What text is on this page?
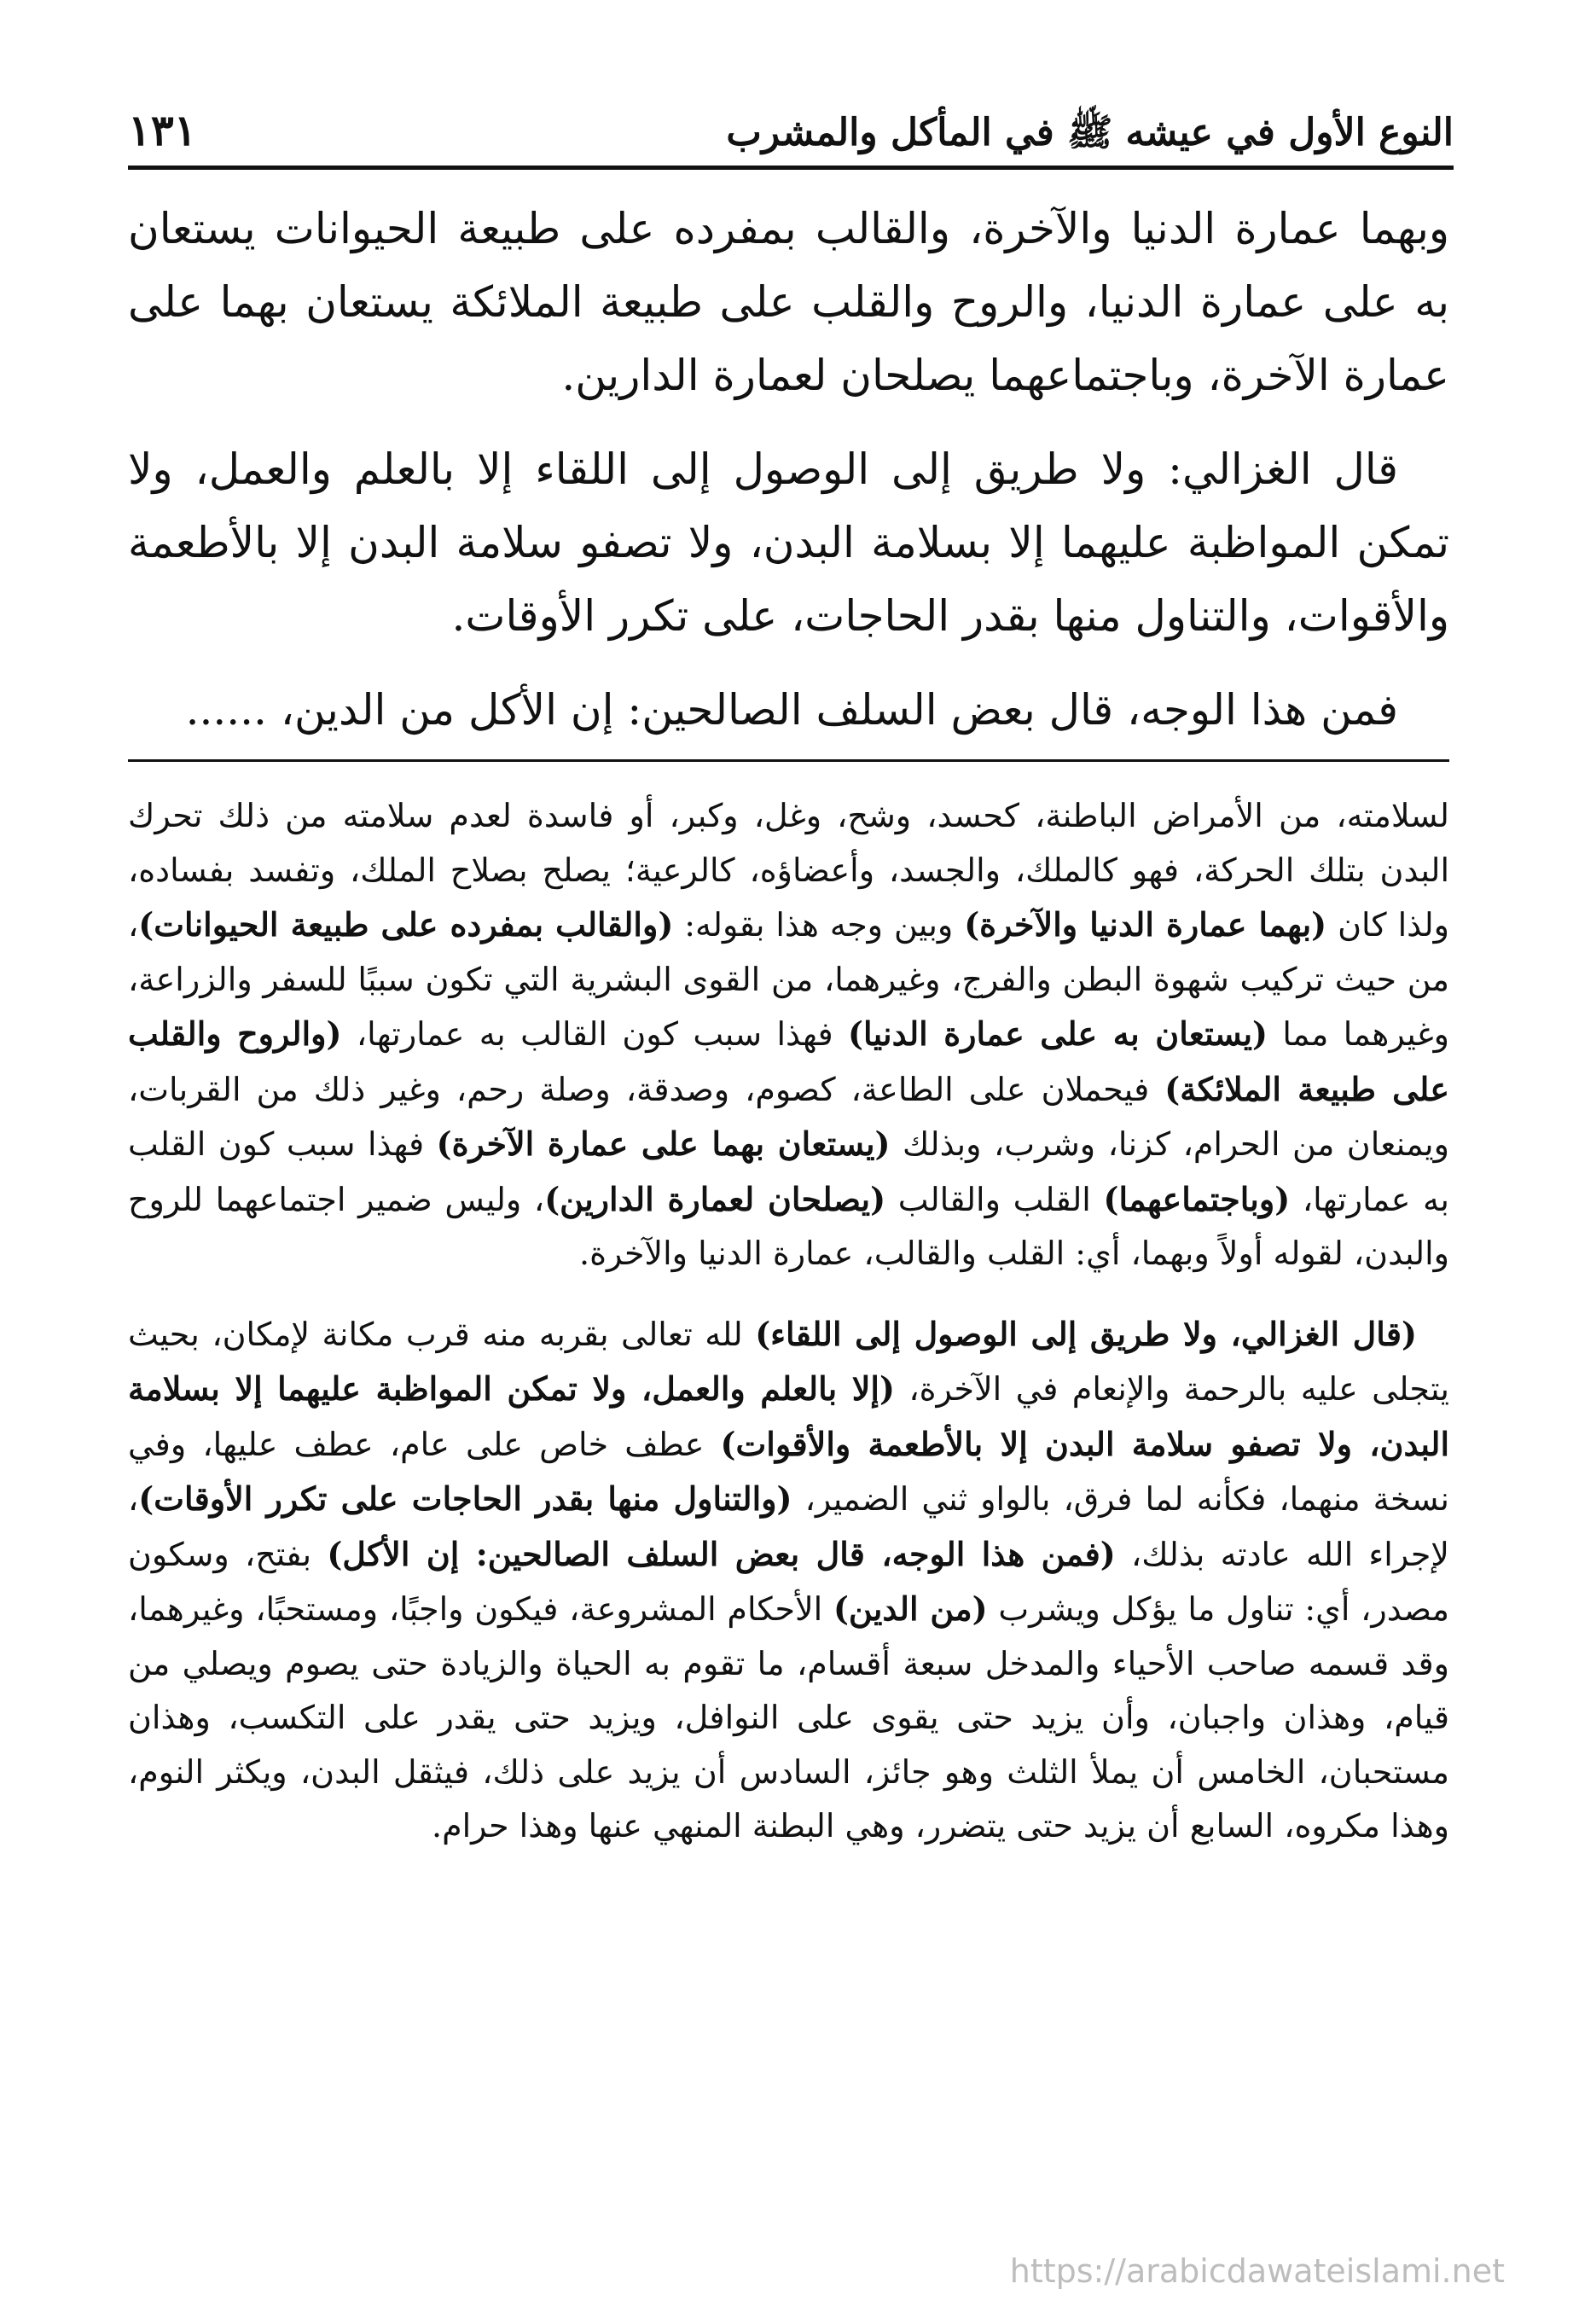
النوع الأول في عيشه ﷺ في المأكل والمشرب
١٣١

وبهما عمارة الدنيا والآخرة، والقالب بمفرده على طبيعة الحيوانات يستعان به على عمارة الدنيا، والروح والقلب على طبيعة الملائكة يستعان بهما على عمارة الآخرة، وباجتماعهما يصلحان لعمارة الدارين.

قال الغزالي: ولا طريق إلى الوصول إلى اللقاء إلا بالعلم والعمل، ولا تمكن المواظبة عليهما إلا بسلامة البدن، ولا تصفو سلامة البدن إلا بالأطعمة والأقوات، والتناول منها بقدر الحاجات، على تكرر الأوقات.

فمن هذا الوجه، قال بعض السلف الصالحين: إن الأكل من الدين، ......

لسلامته، من الأمراض الباطنة، كحسد، وشح، وغل، وكبر، أو فاسدة لعدم سلامته من ذلك تحرك البدن بتلك الحركة، فهو كالملك، والجسد، وأعضاؤه، كالرعية؛ يصلح بصلاح الملك، وتفسد بفساده، ولذا كان (بهما عمارة الدنيا والآخرة) وبين وجه هذا بقوله: (والقالب بمفرده على طبيعة الحيوانات)، من حيث تركيب شهوة البطن والفرج، وغيرهما، من القوى البشرية التي تكون سببًا للسفر والزراعة، وغيرهما مما (يستعان به على عمارة الدنيا) فهذا سبب كون القالب به عمارتها، (والروح والقلب على طبيعة الملائكة) فيحملان على الطاعة، كصوم، وصدقة، وصلة رحم، وغير ذلك من القربات، ويمنعان من الحرام، كزنا، وشرب، وبذلك (يستعان بهما على عمارة الآخرة) فهذا سبب كون القلب به عمارتها، (وباجتماعهما) القلب والقالب (يصلحان لعمارة الدارين)، وليس ضمير اجتماعهما للروح والبدن، لقوله أولاً وبهما، أي: القلب والقالب، عمارة الدنيا والآخرة.

(قال الغزالي، ولا طريق إلى الوصول إلى اللقاء) لله تعالى بقربه منه قرب مكانة لإمكان، بحيث يتجلى عليه بالرحمة والإنعام في الآخرة، (إلا بالعلم والعمل، ولا تمكن المواظبة عليهما إلا بسلامة البدن، ولا تصفو سلامة البدن إلا بالأطعمة والأقوات) عطف خاص على عام، عطف عليها، وفي نسخة منهما، فكأنه لما فرق، بالواو ثني الضمير، (والتناول منها بقدر الحاجات على تكرر الأوقات)، لإجراء الله عادته بذلك، (فمن هذا الوجه، قال بعض السلف الصالحين: إن الأكل) بفتح، وسكون مصدر، أي: تناول ما يؤكل ويشرب (من الدين) الأحكام المشروعة، فيكون واجبًا، ومستحبًا، وغيرهما، وقد قسمه صاحب الأحياء والمدخل سبعة أقسام، ما تقوم به الحياة والزيادة حتى يصوم ويصلي من قيام، وهذان واجبان، وأن يزيد حتى يقوى على النوافل، ويزيد حتى يقدر على التكسب، وهذان مستحبان، الخامس أن يملأ الثلث وهو جائز، السادس أن يزيد على ذلك، فيثقل البدن، ويكثر النوم، وهذا مكروه، السابع أن يزيد حتى يتضرر، وهي البطنة المنهي عنها وهذا حرام.

https://arabicdawateislami.net
